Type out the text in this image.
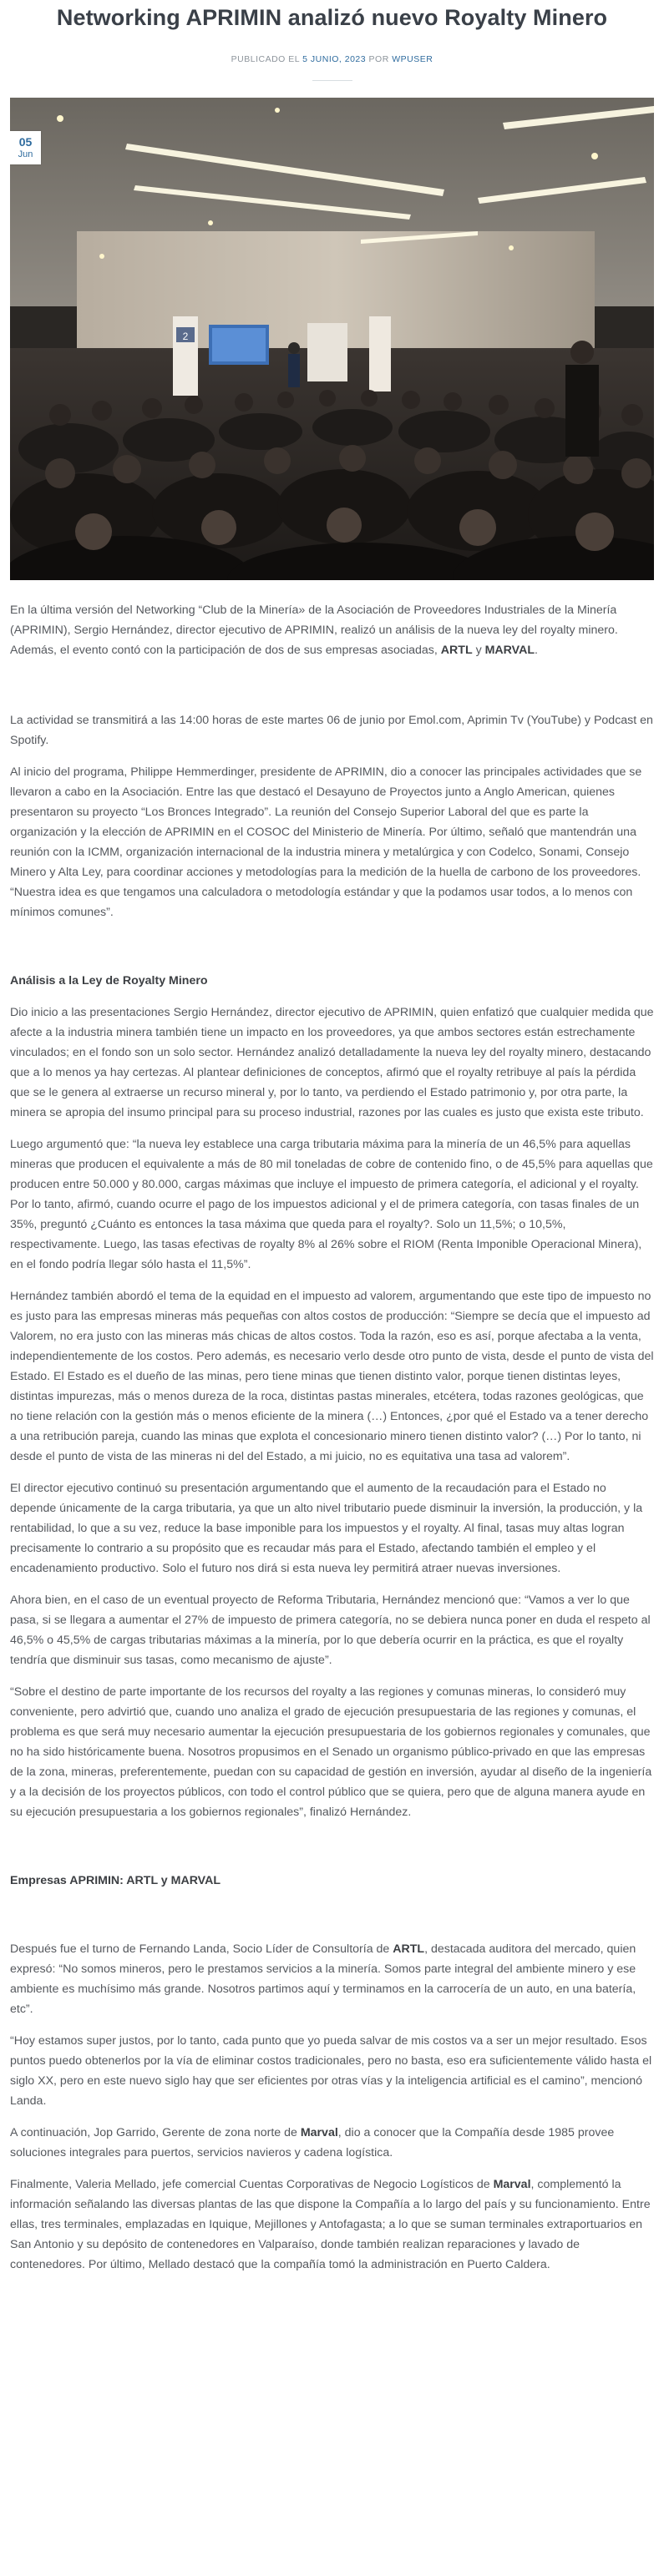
Networking APRIMIN analizó nuevo Royalty Minero
PUBLICADO EL 5 JUNIO, 2023 POR WPUSER
2
05
Jun

En la última versión del Networking “Club de la Minería» de la Asociación de Proveedores Industriales de la Minería (APRIMIN), Sergio Hernández, director ejecutivo de APRIMIN, realizó un análisis de la nueva ley del royalty minero. Además, el evento contó con la participación de dos de sus empresas asociadas, ARTL y MARVAL.

La actividad se transmitirá a las 14:00 horas de este martes 06 de junio por Emol.com, Aprimin Tv (YouTube) y Podcast en Spotify.

Al inicio del programa, Philippe Hemmerdinger, presidente de APRIMIN, dio a conocer las principales actividades que se llevaron a cabo en la Asociación. Entre las que destacó el Desayuno de Proyectos junto a Anglo American, quienes presentaron su proyecto “Los Bronces Integrado”. La reunión del Consejo Superior Laboral del que es parte la organización y la elección de APRIMIN en el COSOC del Ministerio de Minería. Por último, señaló que mantendrán una reunión con la ICMM, organización internacional de la industria minera y metalúrgica y con Codelco, Sonami, Consejo Minero y Alta Ley, para coordinar acciones y metodologías para la medición de la huella de carbono de los proveedores. “Nuestra idea es que tengamos una calculadora o metodología estándar y que la podamos usar todos, a lo menos con mínimos comunes”.

Análisis a la Ley de Royalty Minero

Dio inicio a las presentaciones Sergio Hernández, director ejecutivo de APRIMIN, quien enfatizó que cualquier medida que afecte a la industria minera también tiene un impacto en los proveedores, ya que ambos sectores están estrechamente vinculados; en el fondo son un solo sector. Hernández analizó detalladamente la nueva ley del royalty minero, destacando que a lo menos ya hay certezas. Al plantear definiciones de conceptos, afirmó que el royalty retribuye al país la pérdida que se le genera al extraerse un recurso mineral y, por lo tanto, va perdiendo el Estado patrimonio y, por otra parte, la minera se apropia del insumo principal para su proceso industrial, razones por las cuales es justo que exista este tributo.

Luego argumentó que: “la nueva ley establece una carga tributaria máxima para la minería de un 46,5% para aquellas mineras que producen el equivalente a más de 80 mil toneladas de cobre de contenido fino, o de 45,5% para aquellas que producen entre 50.000 y 80.000, cargas máximas que incluye el impuesto de primera categoría, el adicional y el royalty. Por lo tanto, afirmó, cuando ocurre el pago de los impuestos adicional y el de primera categoría, con tasas finales de un 35%, preguntó ¿Cuánto es entonces la tasa máxima que queda para el royalty?. Solo un 11,5%; o 10,5%, respectivamente. Luego, las tasas efectivas de royalty 8% al 26% sobre el RIOM (Renta Imponible Operacional Minera), en el fondo podría llegar sólo hasta el 11,5%”.

Hernández también abordó el tema de la equidad en el impuesto ad valorem, argumentando que este tipo de impuesto no es justo para las empresas mineras más pequeñas con altos costos de producción: “Siempre se decía que el impuesto ad Valorem, no era justo con las mineras más chicas de altos costos. Toda la razón, eso es así, porque afectaba a la venta, independientemente de los costos. Pero además, es necesario verlo desde otro punto de vista, desde el punto de vista del Estado. El Estado es el dueño de las minas, pero tiene minas que tienen distinto valor, porque tienen distintas leyes, distintas impurezas, más o menos dureza de la roca, distintas pastas minerales, etcétera, todas razones geológicas, que no tiene relación con la gestión más o menos eficiente de la minera (…) Entonces, ¿por qué el Estado va a tener derecho a una retribución pareja, cuando las minas que explota el concesionario minero tienen distinto valor? (…) Por lo tanto, ni desde el punto de vista de las mineras ni del del Estado, a mi juicio, no es equitativa una tasa ad valorem”.

El director ejecutivo continuó su presentación argumentando que el aumento de la recaudación para el Estado no depende únicamente de la carga tributaria, ya que un alto nivel tributario puede disminuir la inversión, la producción, y la rentabilidad, lo que a su vez, reduce la base imponible para los impuestos y el royalty. Al final, tasas muy altas logran precisamente lo contrario a su propósito que es recaudar más para el Estado, afectando también el empleo y el encadenamiento productivo. Solo el futuro nos dirá si esta nueva ley permitirá atraer nuevas inversiones.

Ahora bien, en el caso de un eventual proyecto de Reforma Tributaria, Hernández mencionó que: “Vamos a ver lo que pasa, si se llegara a aumentar el 27% de impuesto de primera categoría, no se debiera nunca poner en duda el respeto al 46,5% o 45,5% de cargas tributarias máximas a la minería, por lo que debería ocurrir en la práctica, es que el royalty tendría que disminuir sus tasas, como mecanismo de ajuste”.

“Sobre el destino de parte importante de los recursos del royalty a las regiones y comunas mineras, lo consideró muy conveniente, pero advirtió que, cuando uno analiza el grado de ejecución presupuestaria de las regiones y comunas, el problema es que será muy necesario aumentar la ejecución presupuestaria de los gobiernos regionales y comunales, que no ha sido históricamente buena. Nosotros propusimos en el Senado un organismo público-privado en que las empresas de la zona, mineras, preferentemente, puedan con su capacidad de gestión en inversión, ayudar al diseño de la ingeniería y a la decisión de los proyectos públicos, con todo el control público que se quiera, pero que de alguna manera ayude en su ejecución presupuestaria a los gobiernos regionales”, finalizó Hernández.

Empresas APRIMIN: ARTL y MARVAL

Después fue el turno de Fernando Landa, Socio Líder de Consultoría de ARTL, destacada auditora del mercado, quien expresó: “No somos mineros, pero le prestamos servicios a la minería. Somos parte integral del ambiente minero y ese ambiente es muchísimo más grande. Nosotros partimos aquí y terminamos en la carrocería de un auto, en una batería, etc”.

“Hoy estamos super justos, por lo tanto, cada punto que yo pueda salvar de mis costos va a ser un mejor resultado. Esos puntos puedo obtenerlos por la vía de eliminar costos tradicionales, pero no basta, eso era suficientemente válido hasta el siglo XX, pero en este nuevo siglo hay que ser eficientes por otras vías y la inteligencia artificial es el camino”, mencionó Landa.

A continuación, Jop Garrido, Gerente de zona norte de Marval, dio a conocer que la Compañía desde 1985 provee soluciones integrales para puertos, servicios navieros y cadena logística.

Finalmente, Valeria Mellado, jefe comercial Cuentas Corporativas de Negocio Logísticos de Marval, complementó la información señalando las diversas plantas de las que dispone la Compañía a lo largo del país y su funcionamiento. Entre ellas, tres terminales, emplazadas en Iquique, Mejillones y Antofagasta; a lo que se suman terminales extraportuarios en San Antonio y su depósito de contenedores en Valparaíso, donde también realizan reparaciones y lavado de contenedores. Por último, Mellado destacó que la compañía tomó la administración en Puerto Caldera.
